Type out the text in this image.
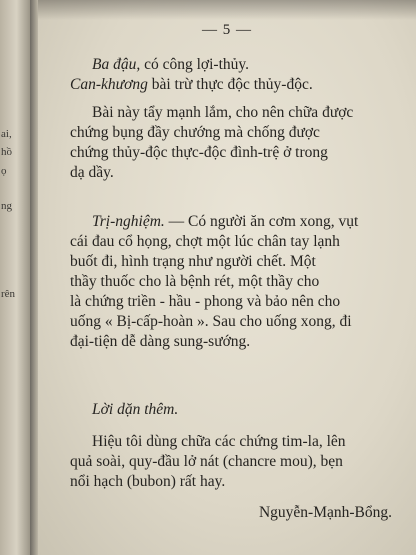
ai,
hồ
ọ
ng
rên
— 5 —
Ba đậu, có công lợi-thủy.
Can-khương bài trừ thực độc thủy-độc.
Bài này tẩy mạnh lắm, cho nên chữa được
chứng bụng đầy chướng mà chống được
chứng thủy-độc thực-độc đình-trệ ở trong
dạ dầy.
Trị-nghiệm. — Có người ăn cơm xong, vụt
cái đau cổ họng, chợt một lúc chân tay lạnh
buốt đi, hình trạng như người chết. Một
thầy thuốc cho là bệnh rét, một thầy cho
là chứng triền - hầu - phong và bảo nên cho
uống « Bị-cấp-hoàn ». Sau cho uống xong, đi
đại-tiện dễ dàng sung-sướng.
Lời dặn thêm.
Hiệu tôi dùng chữa các chứng tim-la, lên
quả soài, quy-đầu lở nát (chancre mou), bẹn
nổi hạch (bubon) rất hay.
Nguyễn-Mạnh-Bổng.
